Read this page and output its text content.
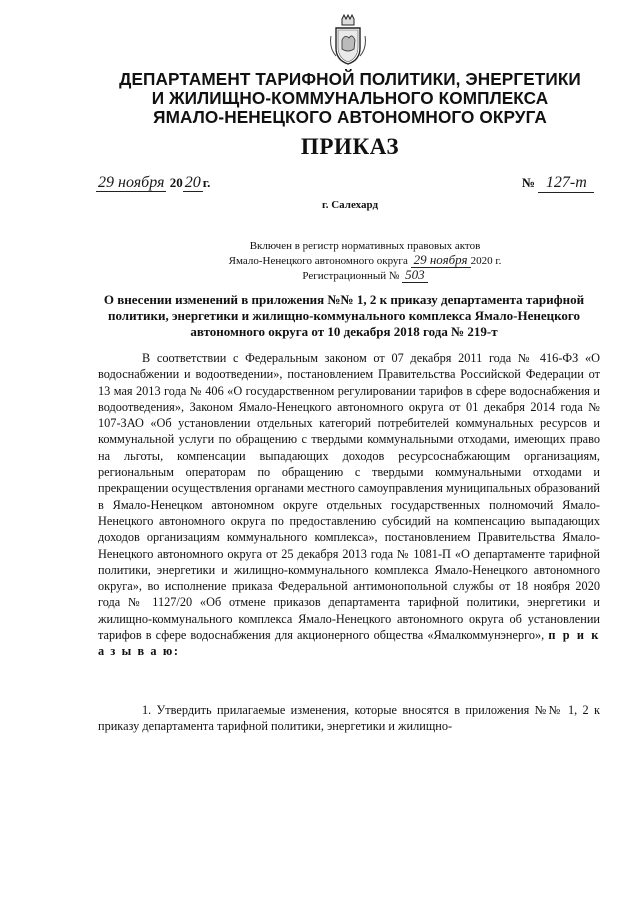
ДЕПАРТАМЕНТ ТАРИФНОЙ ПОЛИТИКИ, ЭНЕРГЕТИКИ

И ЖИЛИЩНО-КОММУНАЛЬНОГО КОМПЛЕКСА

ЯМАЛО-НЕНЕЦКОГО АВТОНОМНОГО ОКРУГА

ПРИКАЗ
29 ноября 20 20 г.	№ 127-т
г. Салехард
Включен в регистр нормативных правовых актов
Ямало-Ненецкого автономного округа 29 ноября 2020 г.
Регистрационный № 503
О внесении изменений в приложения №№ 1, 2 к приказу департамента тарифной политики, энергетики и жилищно-коммунального комплекса Ямало-Ненецкого автономного округа от 10 декабря 2018 года № 219-т

В соответствии с Федеральным законом от 07 декабря 2011 года № 416-ФЗ «О водоснабжении и водоотведении», постановлением Правительства Российской Федерации от 13 мая 2013 года № 406 «О государственном регулировании тарифов в сфере водоснабжения и водоотведения», Законом Ямало-Ненецкого автономного округа от 01 декабря 2014 года № 107-ЗАО «Об установлении отдельных категорий потребителей коммунальных ресурсов и коммунальной услуги по обращению с твердыми коммунальными отходами, имеющих право на льготы, компенсации выпадающих доходов ресурсоснабжающим организациям, региональным операторам по обращению с твердыми коммунальными отходами и прекращении осуществления органами местного самоуправления муниципальных образований в Ямало-Ненецком автономном округе отдельных государственных полномочий Ямало-Ненецкого автономного округа по предоставлению субсидий на компенсацию выпадающих доходов организациям коммунального комплекса», постановлением Правительства Ямало-Ненецкого автономного округа от 25 декабря 2013 года № 1081-П «О департаменте тарифной политики, энергетики и жилищно-коммунального комплекса Ямало-Ненецкого автономного округа», во исполнение приказа Федеральной антимонопольной службы от 18 ноября 2020 года № 1127/20 «Об отмене приказов департамента тарифной политики, энергетики и жилищно-коммунального комплекса Ямало-Ненецкого автономного округа об установлении тарифов в сфере водоснабжения для акционерного общества «Ямалкоммунэнерго», п р и к а з ы в а ю:

1. Утвердить прилагаемые изменения, которые вносятся в приложения №№ 1, 2 к приказу департамента тарифной политики, энергетики и жилищно-
